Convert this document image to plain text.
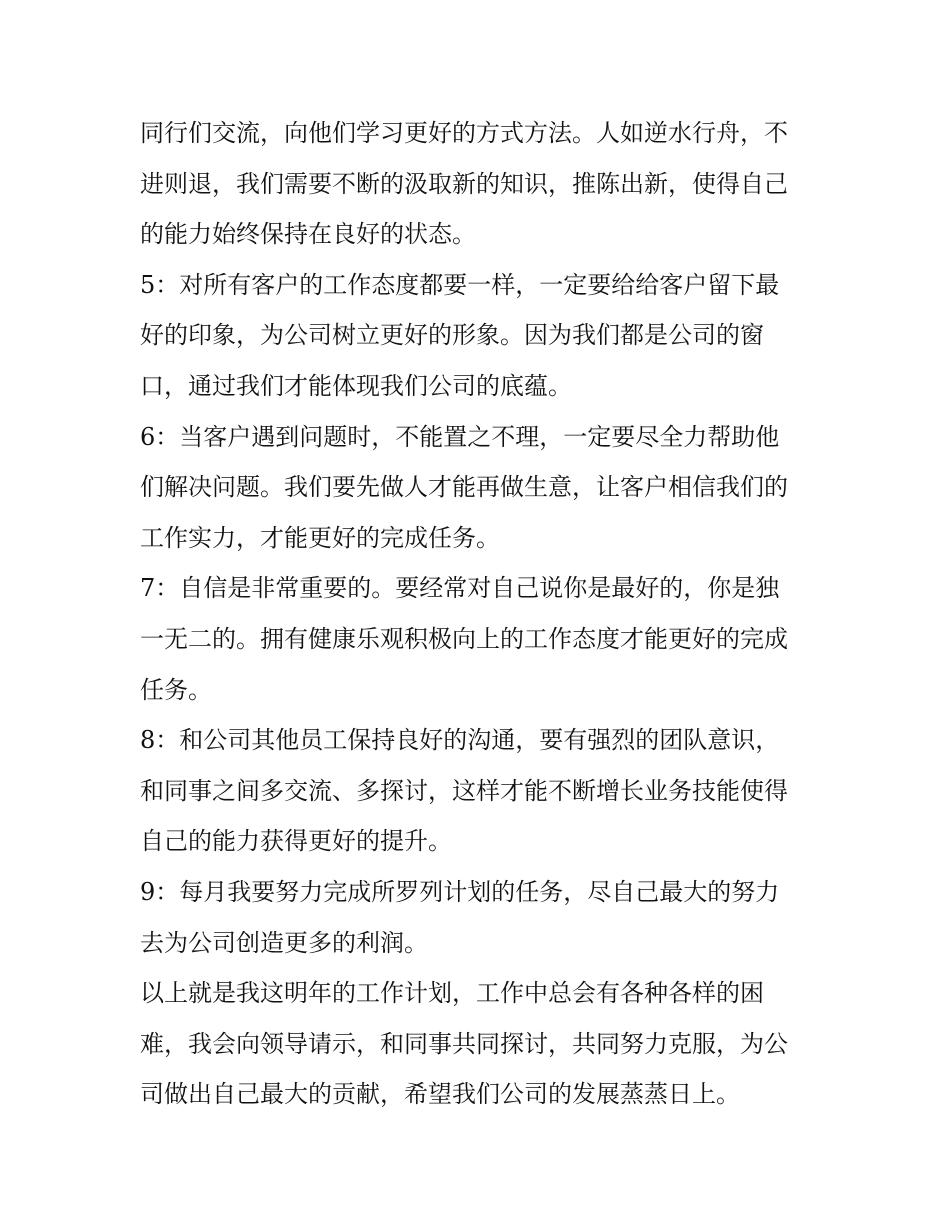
同行们交流，向他们学习更好的方式方法。人如逆水行舟，不
进则退，我们需要不断的汲取新的知识，推陈出新，使得自己
的能力始终保持在良好的状态。
5：对所有客户的工作态度都要一样，一定要给给客户留下最
好的印象，为公司树立更好的形象。因为我们都是公司的窗
口，通过我们才能体现我们公司的底蕴。
6：当客户遇到问题时，不能置之不理，一定要尽全力帮助他
们解决问题。我们要先做人才能再做生意，让客户相信我们的
工作实力，才能更好的完成任务。
7：自信是非常重要的。要经常对自己说你是最好的，你是独
一无二的。拥有健康乐观积极向上的工作态度才能更好的完成
任务。
8：和公司其他员工保持良好的沟通，要有强烈的团队意识，
和同事之间多交流、多探讨，这样才能不断增长业务技能使得
自己的能力获得更好的提升。
9：每月我要努力完成所罗列计划的任务，尽自己最大的努力
去为公司创造更多的利润。
以上就是我这明年的工作计划，工作中总会有各种各样的困
难，我会向领导请示，和同事共同探讨，共同努力克服，为公
司做出自己最大的贡献，希望我们公司的发展蒸蒸日上。
